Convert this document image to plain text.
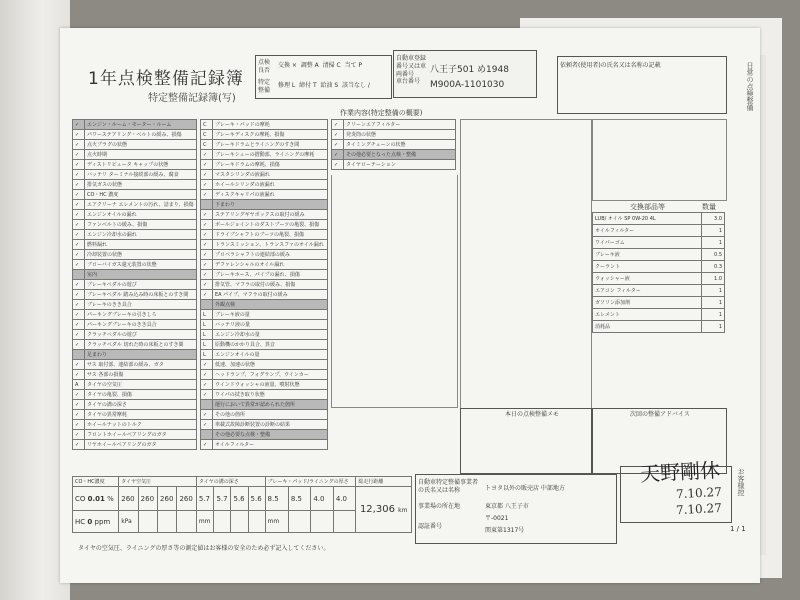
1年点検整備記録簿
特定整備記録簿(写)
点検良否
特定整備
交換 ×  調整 A  清掃 C  当て P
修理 L  締付 T  給油 S  該当なし /
自動車登録番号又は車両番号	八王子501 め1948
車台番号 M900A-1101030
依頼者(使用者)の氏名又は名称の記載	日常の点検整備
作業内容(特定整備の概要)
✓	エンジン・ルーム・モーター・ルーム
✓	パワーステアリング・ベルトの緩み、損傷
✓	点火プラグの状態
✓	点火時期
✓	ディストリビュータ キャップの状態
✓	バッテリ ターミナル接続部の緩み、腐食
✓	排気ガスの状態
✓	CO・HC 濃度
✓	エアクリーナ エレメントの汚れ、詰まり、損傷
✓	エンジンオイルの漏れ
✓	ファンベルトの緩み、損傷
✓	エンジン冷却水の漏れ
✓	燃料漏れ
✓	冷却装置の状態
✓	ブローバイガス還元装置の状態
	室内
✓	ブレーキペダルの遊び
✓	ブレーキペダル 踏み込み時の床板とのすき間
✓	ブレーキのきき具合
✓	パーキングブレーキの引きしろ
✓	パーキングブレーキのきき具合
✓	クラッチペダルの遊び
✓	クラッチペダル 切れた時の床板とのすき間
	足まわり
✓	サス 取付部、連結部の緩み、ガタ
✓	サス 各部の損傷
A	タイヤの空気圧
✓	タイヤの亀裂、損傷
✓	タイヤの溝の深さ
✓	タイヤの異常摩耗
✓	ホイールナットのトルク
✓	フロントホイールベアリングのガタ
✓	リヤホイールベアリングのガタ
C	ブレーキ・パッドの摩耗
C	ブレーキディスクの摩耗、損傷
C	ブレーキドラムとライニングのすき間
✓	ブレーキシューの摺動部、ライニングの摩耗
✓	ブレーキドラムの摩耗、損傷
✓	マスタシリンダの液漏れ
✓	ホイールシリンダの液漏れ
✓	ディスクキャリパの液漏れ
	下まわり
✓	ステアリングギヤボックスの取付の緩み
✓	ボールジョイントのダストブーツの亀裂、損傷
✓	ドライブシャフトのブーツの亀裂、損傷
✓	トランスミッション、トランスファのオイル漏れ
✓	プロペラシャフトの連結部の緩み
✓	デファレンシャルのオイル漏れ
✓	ブレーキホース、パイプの漏れ、損傷
✓	排気管、マフラの取付の緩み、損傷
✓	EA パイプ、マフラの取付の緩み
	外観点検
L	ブレーキ液の量
L	バッテリ液の量
L	エンジン冷却水の量
L	原動機のかかり具合、異音
L	エンジンオイルの量
✓	低速、加速の状態
✓	ヘッドランプ、フォグランプ、ウインカー
✓	ウインドウォッシャの液量、噴射状態
✓	ワイパの拭き取り状態
	運行において異常が認められた箇所
✓	その他の箇所
✓	車載式故障診断装置の診断の結果
	その他必要な点検・整備
✓	オイルフィルター
✓	クリーンエアフィルター
✓	発炎筒の状態
✓	タイミングチェーンの状態
✓	その他必要となった点検・整備
✓	タイヤローテーション
交換部品等	数量
LUB/ オイル SP 0W-20 4L	3.0
オイルフィルター	1
ワイパーゴム	1
ブレーキ液	0.5
クーラント	0.3
ウォッシャー液	1.0
エアコン フィルター	1
ガソリン添加剤	1
エレメント	1
消耗品	1
本日の点検整備メモ	次回の整備アドバイス
CO・HC濃度	タイヤ空気圧				タイヤの溝の深さ				ブレーキ・パッド/ライニングの厚さ				総走行距離
CO 0.01 %	260	260	260	260	5.7	5.7	5.6	5.6	8.5	8.5	4.0	4.0	12,306 km
HC 0 ppm	kPa				mm				mm				
自動車特定整備事業者の氏名又は名称	トヨタ以外の販売店 中部地方
事業場の所在地	東京都 八王子市
〒-0021
認証番号
関東第1317号
天野剛休
7.10.27
7.10.27
お客様控
タイヤの空気圧、ライニングの厚さ等の測定値はお客様の安全のため必ず記入してください。
1 / 1
